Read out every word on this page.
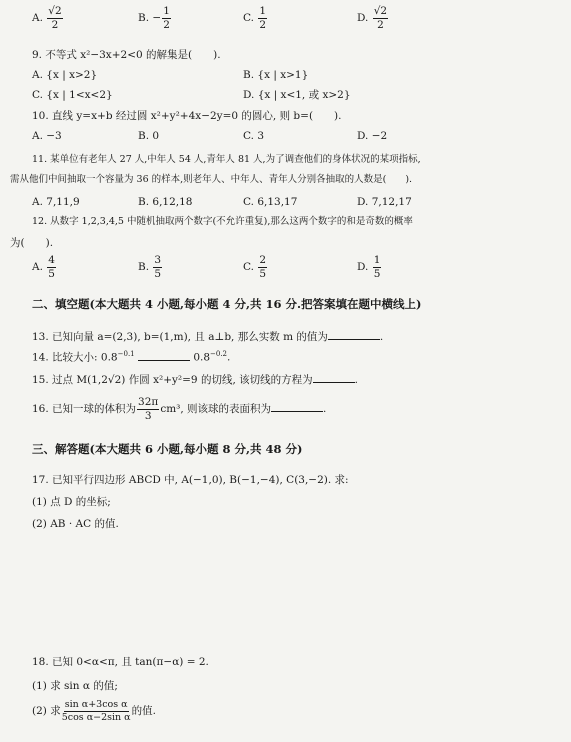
A. $\frac{√2}{2}$	B. − $\frac{1}{2}$	C. $\frac{1}{2}$	D. $\frac{√2}{2}$
9. 不等式 x²−3x+2<0 的解集是(　　).
A. {x | x>2}	B. {x | x>1}
C. {x | 1<x<2}	D. {x | x<1, 或 x>2}
10. 直线 y=x+b 经过圆 x²+y²+4x−2y=0 的圆心, 则 b=(　　).
A. −3	B. 0	C. 3	D. −2
11. 某单位有老年人 27 人,中年人 54 人,青年人 81 人,为了调查他们的身体状况的某项指标,
需从他们中间抽取一个容量为 36 的样本,则老年人、中年人、青年人分别各抽取的人数是(　　).
A. 7,11,9	B. 6,12,18	C. 6,13,17	D. 7,12,17
12. 从数字 1,2,3,4,5 中随机抽取两个数字(不允许重复),那么这两个数字的和是奇数的概率
为(　　).
A. $\frac{4}{5}$	B. $\frac{3}{5}$	C. $\frac{2}{5}$	D. $\frac{1}{5}$
二、填空题(本大题共 4 小题,每小题 4 分,共 16 分.把答案填在题中横线上)
13. 已知向量 a=(2,3), b=(1,m), 且 a⊥b, 那么实数 m 的值为	.
14. 比较大小: $0.8^{-0.1}$	$0.8^{-0.2}$.
15. 过点 M(1,2√2) 作圆 x²+y²=9 的切线, 该切线的方程为	.
16. 已知一球的体积为 $\frac{32\pi}{3} cm^3$, 则该球的表面积为	.
三、解答题(本大题共 6 小题,每小题 8 分,共 48 分)
17. 已知平行四边形 ABCD 中, A(−1,0), B(−1,−4), C(3,−2). 求:
(1) 点 D 的坐标;
(2) AB · AC 的值.
18. 已知 0<α<π, 且 tan(π−α) = 2.
(1) 求 sin α 的值;
(2) 求 $\frac{\text{sin α+3cos α}}{\text{5cos α−2sin α}}$ 的值.
